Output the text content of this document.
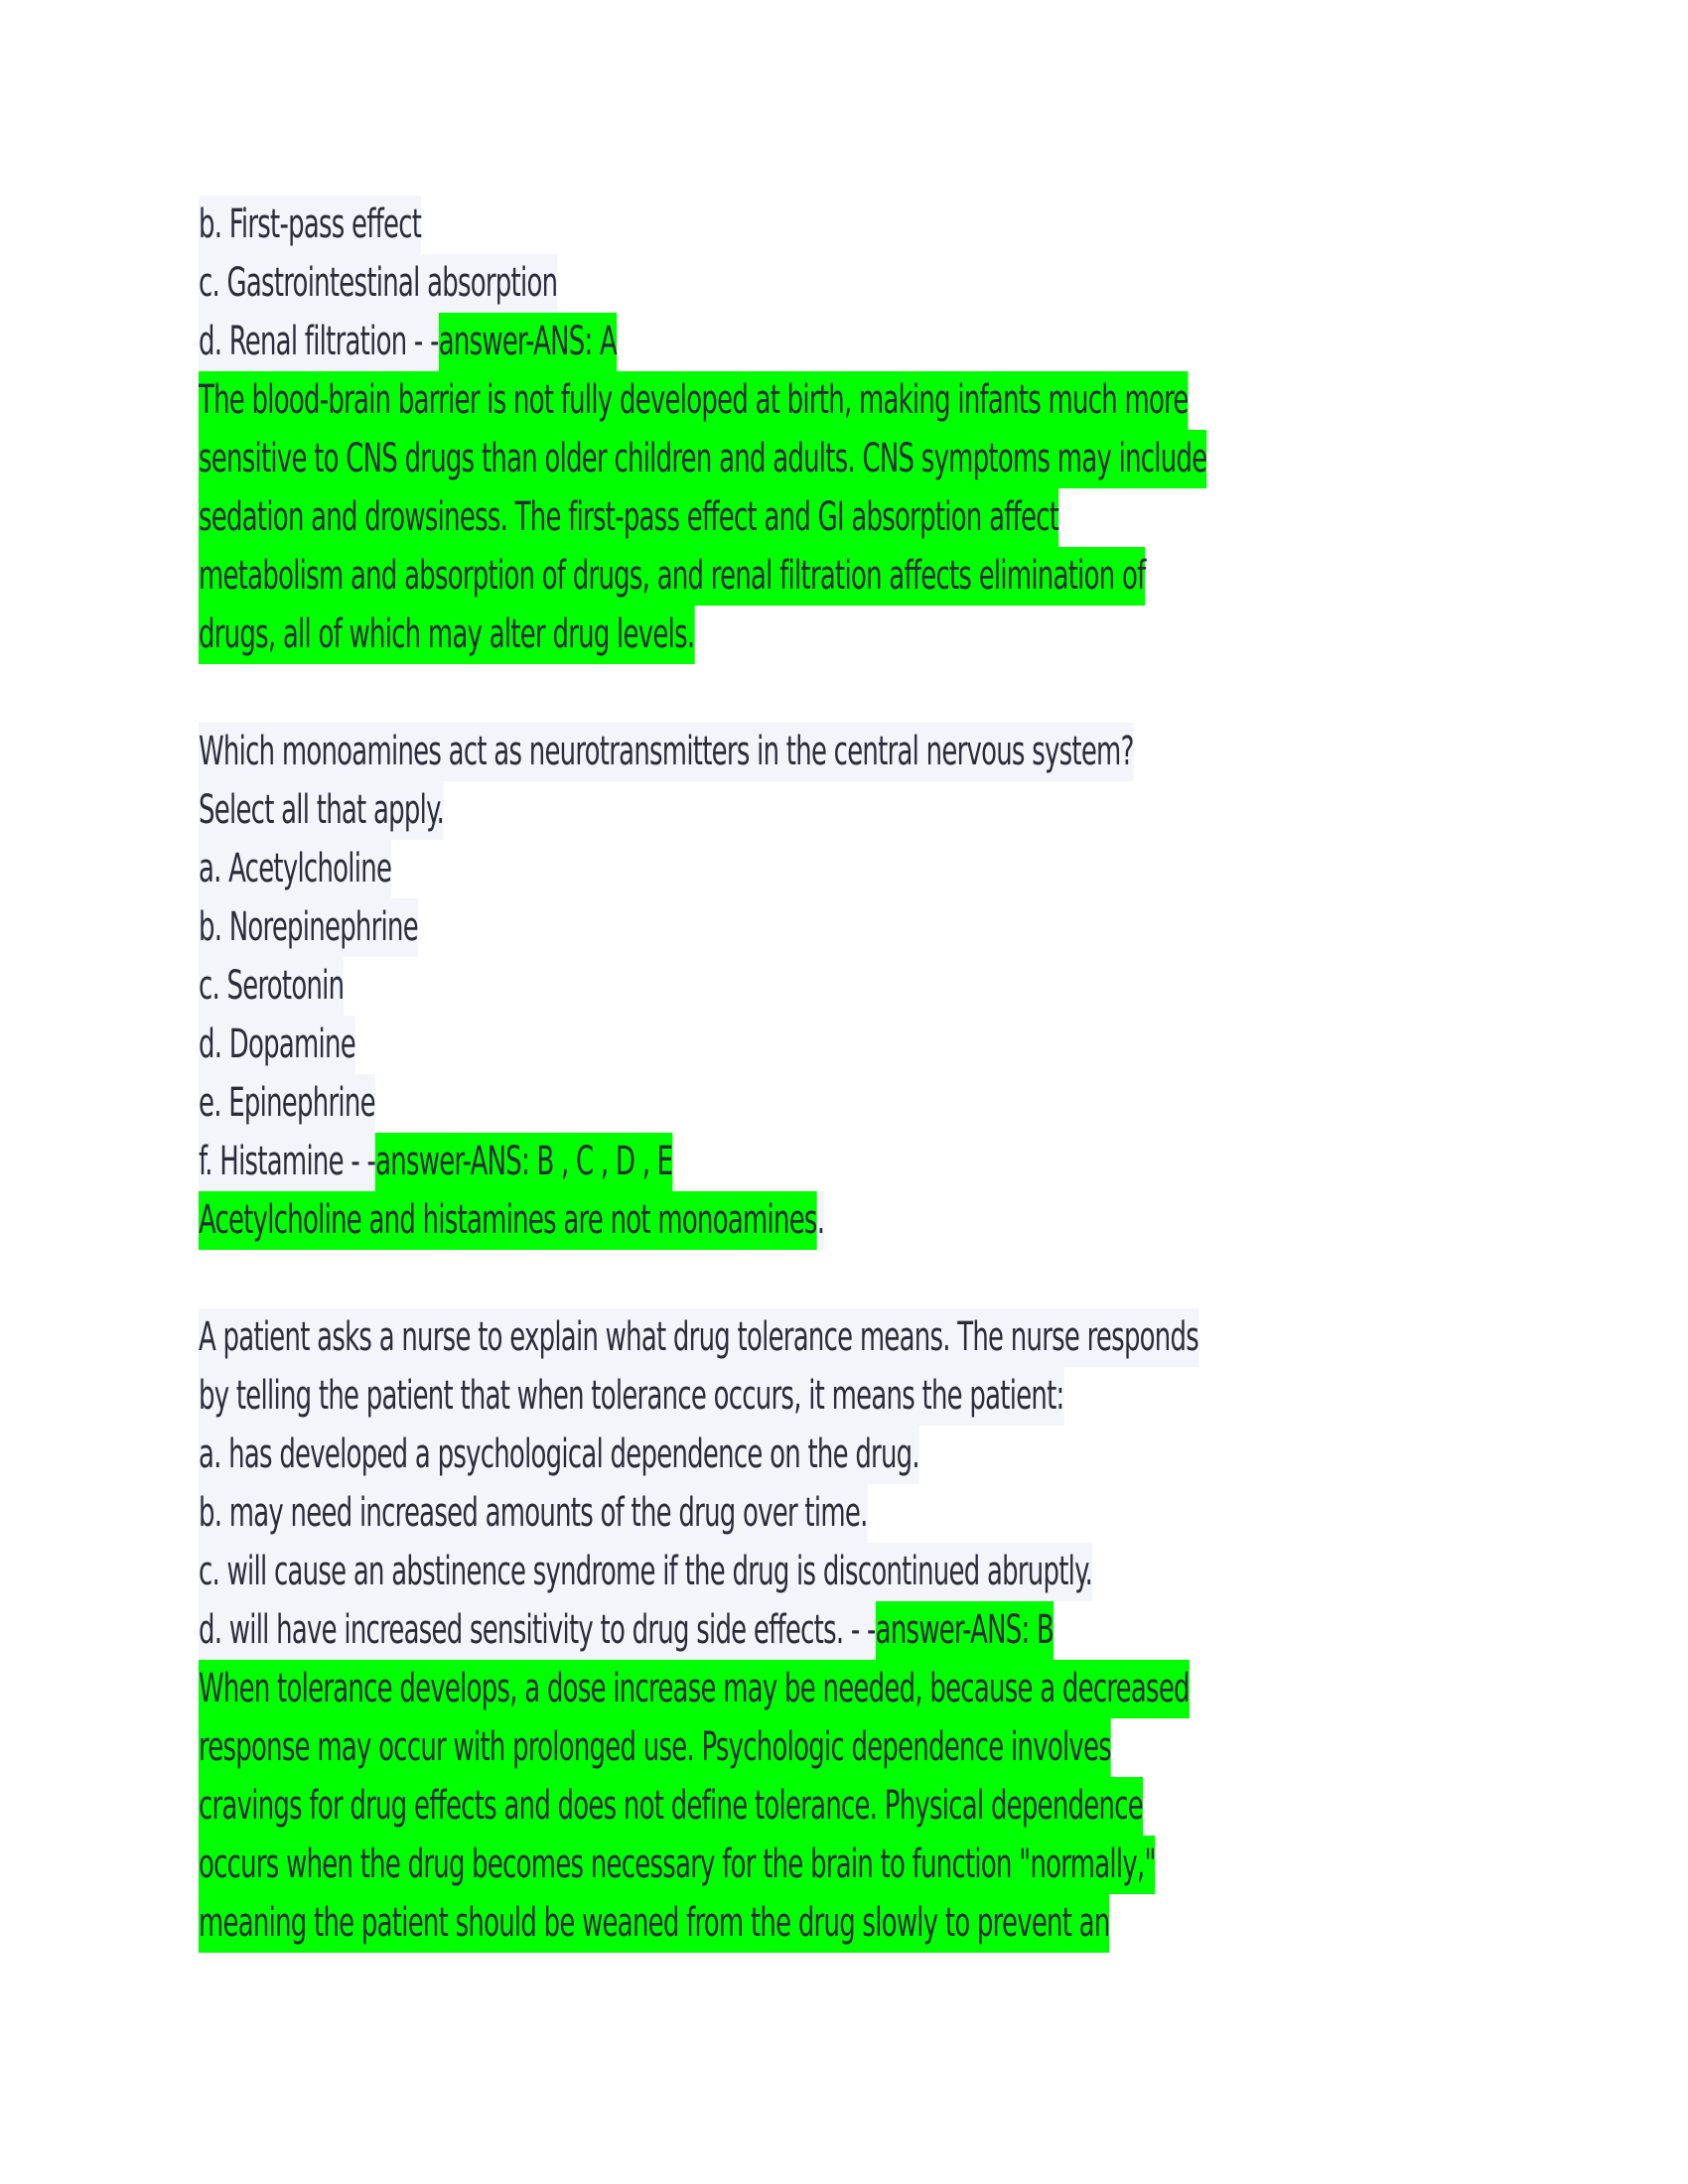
b. First-pass effect
c. Gastrointestinal absorption
d. Renal filtration - -answer-ANS: A
The blood-brain barrier is not fully developed at birth, making infants much more
sensitive to CNS drugs than older children and adults. CNS symptoms may include
sedation and drowsiness. The first-pass effect and GI absorption affect
metabolism and absorption of drugs, and renal filtration affects elimination of
drugs, all of which may alter drug levels.
Which monoamines act as neurotransmitters in the central nervous system?
Select all that apply.
a. Acetylcholine
b. Norepinephrine
c. Serotonin
d. Dopamine
e. Epinephrine
f. Histamine - -answer-ANS: B , C , D , E
Acetylcholine and histamines are not monoamines.
A patient asks a nurse to explain what drug tolerance means. The nurse responds
by telling the patient that when tolerance occurs, it means the patient:
a. has developed a psychological dependence on the drug.
b. may need increased amounts of the drug over time.
c. will cause an abstinence syndrome if the drug is discontinued abruptly.
d. will have increased sensitivity to drug side effects. - -answer-ANS: B
When tolerance develops, a dose increase may be needed, because a decreased
response may occur with prolonged use. Psychologic dependence involves
cravings for drug effects and does not define tolerance. Physical dependence
occurs when the drug becomes necessary for the brain to function "normally,"
meaning the patient should be weaned from the drug slowly to prevent an
